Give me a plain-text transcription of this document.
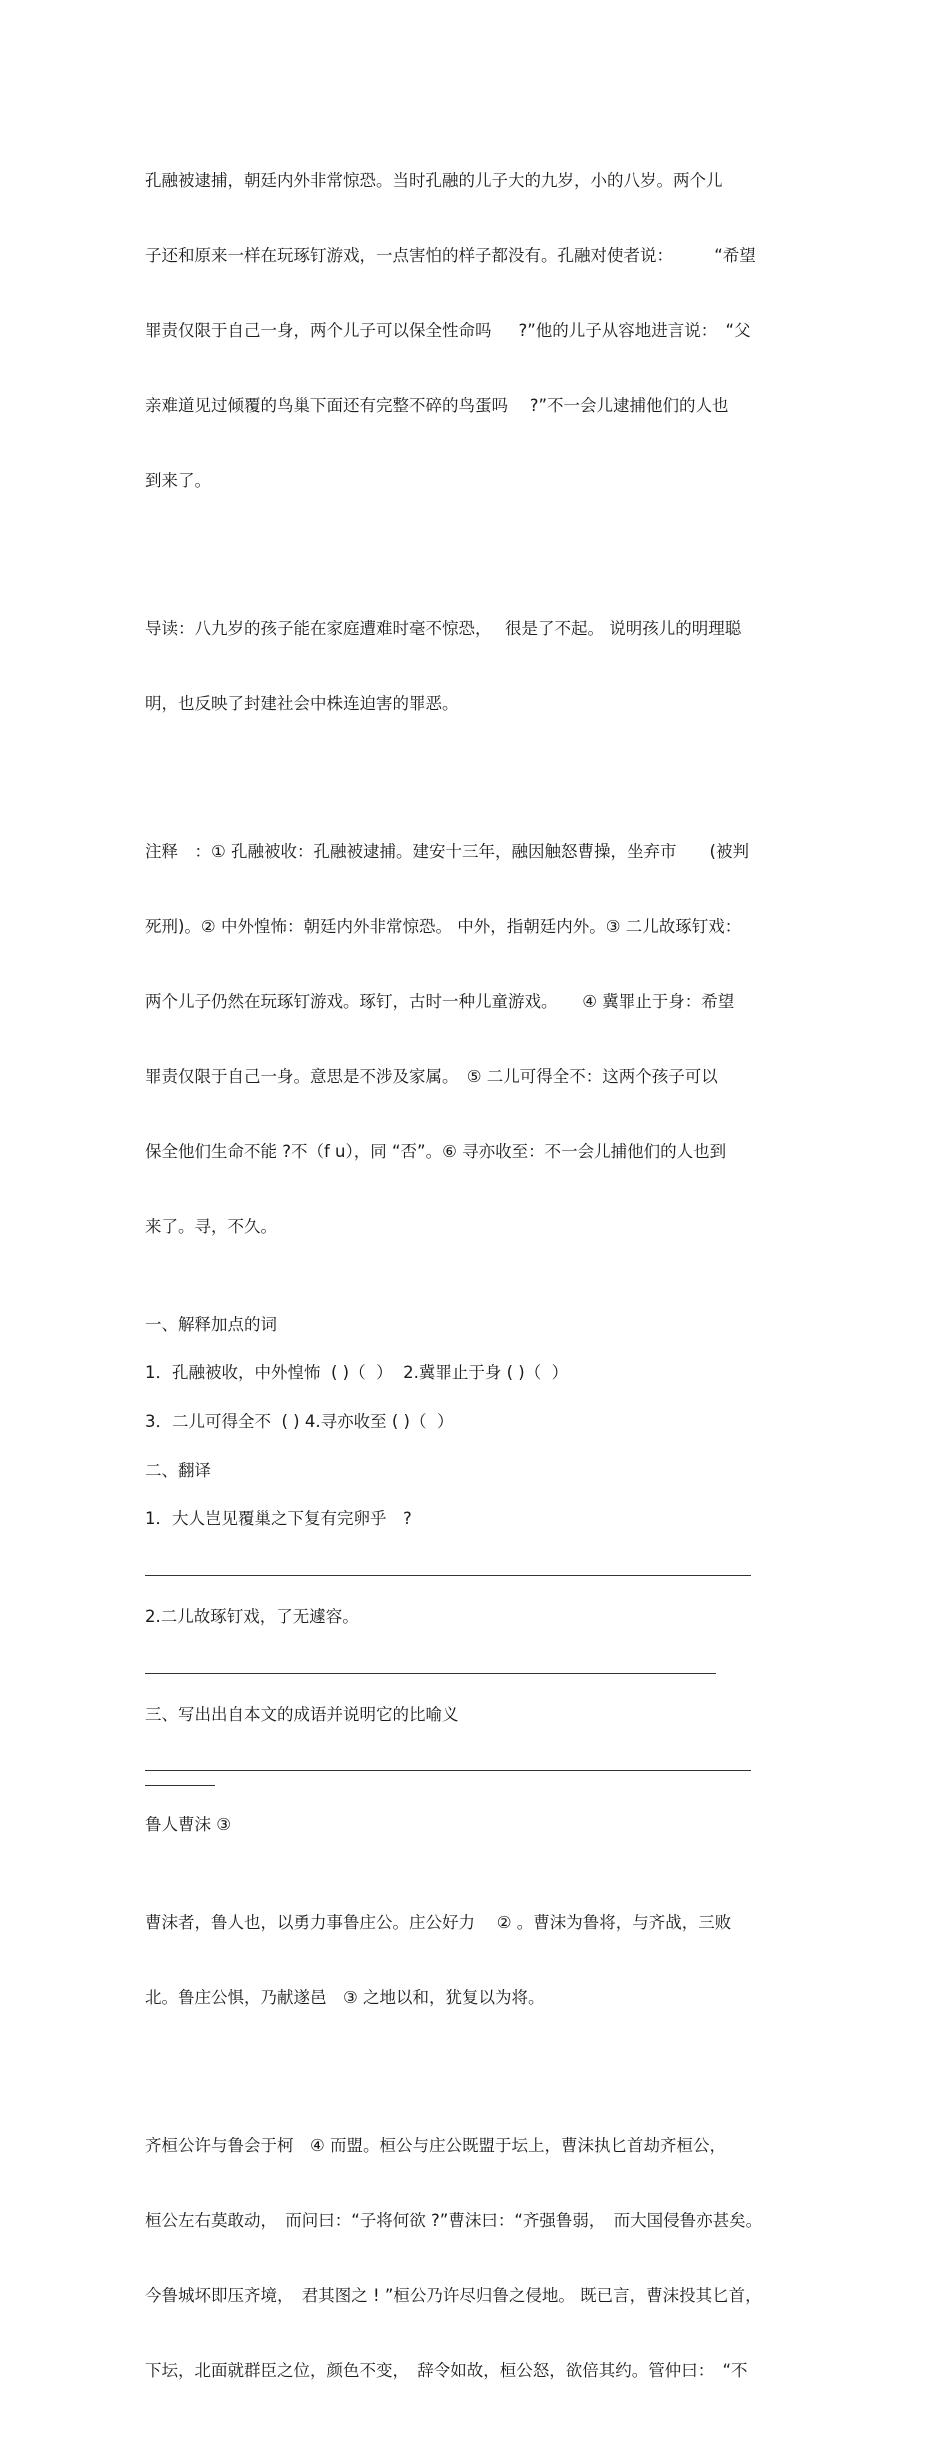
孔融被逮捕，朝廷内外非常惊恐。当时孔融的儿子大的九岁，小的八岁。两个儿

子还和原来一样在玩琢钉游戏，一点害怕的样子都没有。孔融对使者说：　　　“希望

罪责仅限于自己一身，两个儿子可以保全性命吗　  ?”他的儿子从容地进言说：　“父

亲难道见过倾覆的鸟巢下面还有完整不碎的鸟蛋吗　 ?”不一会儿逮捕他们的人也

到来了。

导读：八九岁的孩子能在家庭遭难时毫不惊恐，　 很是了不起。 说明孩儿的明理聪

明，也反映了封建社会中株连迫害的罪恶。

注释　：① 孔融被收：孔融被逮捕。建安十三年，融因触怒曹操，坐弃市　　(被判

死刑)。② 中外惶怖：朝廷内外非常惊恐。 中外，指朝廷内外。③ 二儿故琢钉戏：

两个儿子仍然在玩琢钉游戏。琢钉，古时一种儿童游戏。　　④ 冀罪止于身：希望

罪责仅限于自己一身。意思是不涉及家属。　⑤ 二儿可得全不：这两个孩子可以

保全他们生命不能 ?不（f u），同 “否”。⑥ 寻亦收至：不一会儿捕他们的人也到

来了。寻，不久。

一、解释加点的词
1．孔融被收，中外惶怖  ( )（  ）  2.冀罪止于身 ( )（  ）
3．二儿可得全不  ( ) 4.寻亦收至 ( )（  ）
二、翻译
1．大人岂见覆巢之下复有完卵乎　?
2.二儿故琢钉戏，了无遽容。
三、写出出自本文的成语并说明它的比喻义
鲁人曹沫 ③

曹沫者，鲁人也，以勇力事鲁庄公。庄公好力　 ② 。曹沫为鲁将，与齐战，三败

北。鲁庄公惧，乃献遂邑　③ 之地以和，犹复以为将。

齐桓公许与鲁会于柯　④ 而盟。桓公与庄公既盟于坛上，曹沫执匕首劫齐桓公，

桓公左右莫敢动，　而问曰：“子将何欲 ?”曹沫曰：“齐强鲁弱，　而大国侵鲁亦甚矣。

今鲁城坏即压齐境，　君其图之 ! ”桓公乃许尽归鲁之侵地。 既已言，曹沫投其匕首，

下坛，北面就群臣之位，颜色不变，　辞令如故，桓公怒，欲倍其约。管仲曰：　“不
